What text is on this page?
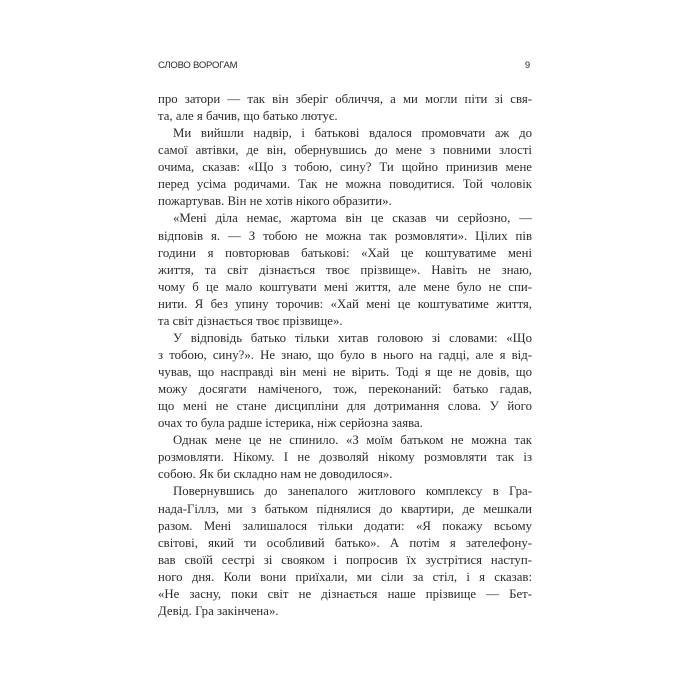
СЛОВО ВОРОГАМ	9
про затори — так він зберіг обличчя, а ми могли піти зі свя-
та, але я бачив, що батько лютує.
Ми вийшли надвір, і батькові вдалося промовчати аж до
самої автівки, де він, обернувшись до мене з повними злості
очима, сказав: «Що з тобою, сину? Ти щойно принизив мене
перед усіма родичами. Так не можна поводитися. Той чоловік
пожартував. Він не хотів нікого образити».
«Мені діла немає, жартома він це сказав чи серйозно, —
відповів я. — З тобою не можна так розмовляти». Цілих пів
години я повторював батькові: «Хай це коштуватиме мені
життя, та світ дізнається твоє прізвище». Навіть не знаю,
чому б це мало коштувати мені життя, але мене було не спи-
нити. Я без упину торочив: «Хай мені це коштуватиме життя,
та світ дізнається твоє прізвище».
У відповідь батько тільки хитав головою зі словами: «Що
з тобою, сину?». Не знаю, що було в нього на гадці, але я від-
чував, що насправді він мені не вірить. Тоді я ще не довів, що
можу досягати наміченого, тож, переконаний: батько гадав,
що мені не стане дисципліни для дотримання слова. У його
очах то була радше істерика, ніж серйозна заява.
Однак мене це не спинило. «З моїм батьком не можна так
розмовляти. Нікому. І не дозволяй нікому розмовляти так із
собою. Як би складно нам не доводилося».
Повернувшись до занепалого житлового комплексу в Гра-
нада-Гіллз, ми з батьком піднялися до квартири, де мешкали
разом. Мені залишалося тільки додати: «Я покажу всьому
світові, який ти особливий батько». А потім я зателефону-
вав своїй сестрі зі свояком і попросив їх зустрітися наступ-
ного дня. Коли вони приїхали, ми сіли за стіл, і я сказав:
«Не засну, поки світ не дізнається наше прізвище — Бет-
Девід. Гра закінчена».
